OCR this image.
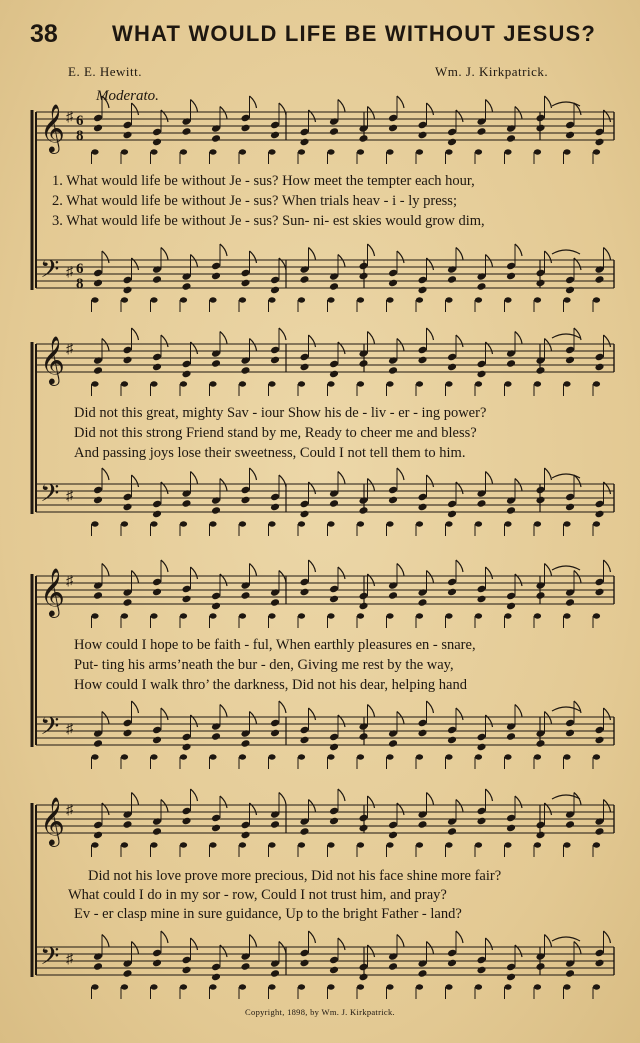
38 WHAT WOULD LIFE BE WITHOUT JESUS?
E. E. Hewitt.	Wm. J. Kirkpatrick.
Moderato.
𝄞
𝄢
♯
♯
6
8
6
8
𝄞
𝄢
♯
♯
𝄞
𝄢
♯
♯
𝄞
𝄢
♯
♯
1. What would life be without Je - sus? How meet the tempter each hour,
2. What would life be without Je - sus? When trials heav - i - ly press;
3. What would life be without Je - sus? Sun- ni- est skies would grow dim,
Did not this great, mighty Sav - iour Show his de - liv - er - ing power?
Did not this strong Friend stand by me, Ready to cheer me and bless?
And passing joys lose their sweetness, Could I not tell them to him.
How could I hope to be faith - ful, When earthly pleasures en - snare,
Put- ting his arms’neath the bur - den, Giving me rest by the way,
How could I walk thro’ the darkness, Did not his dear, helping hand
Did not his love prove more precious, Did not his face shine more fair?
What could I do in my sor - row, Could I not trust him, and pray?
Ev - er clasp mine in sure guidance, Up to the bright Father - land?
Copyright, 1898, by Wm. J. Kirkpatrick.
